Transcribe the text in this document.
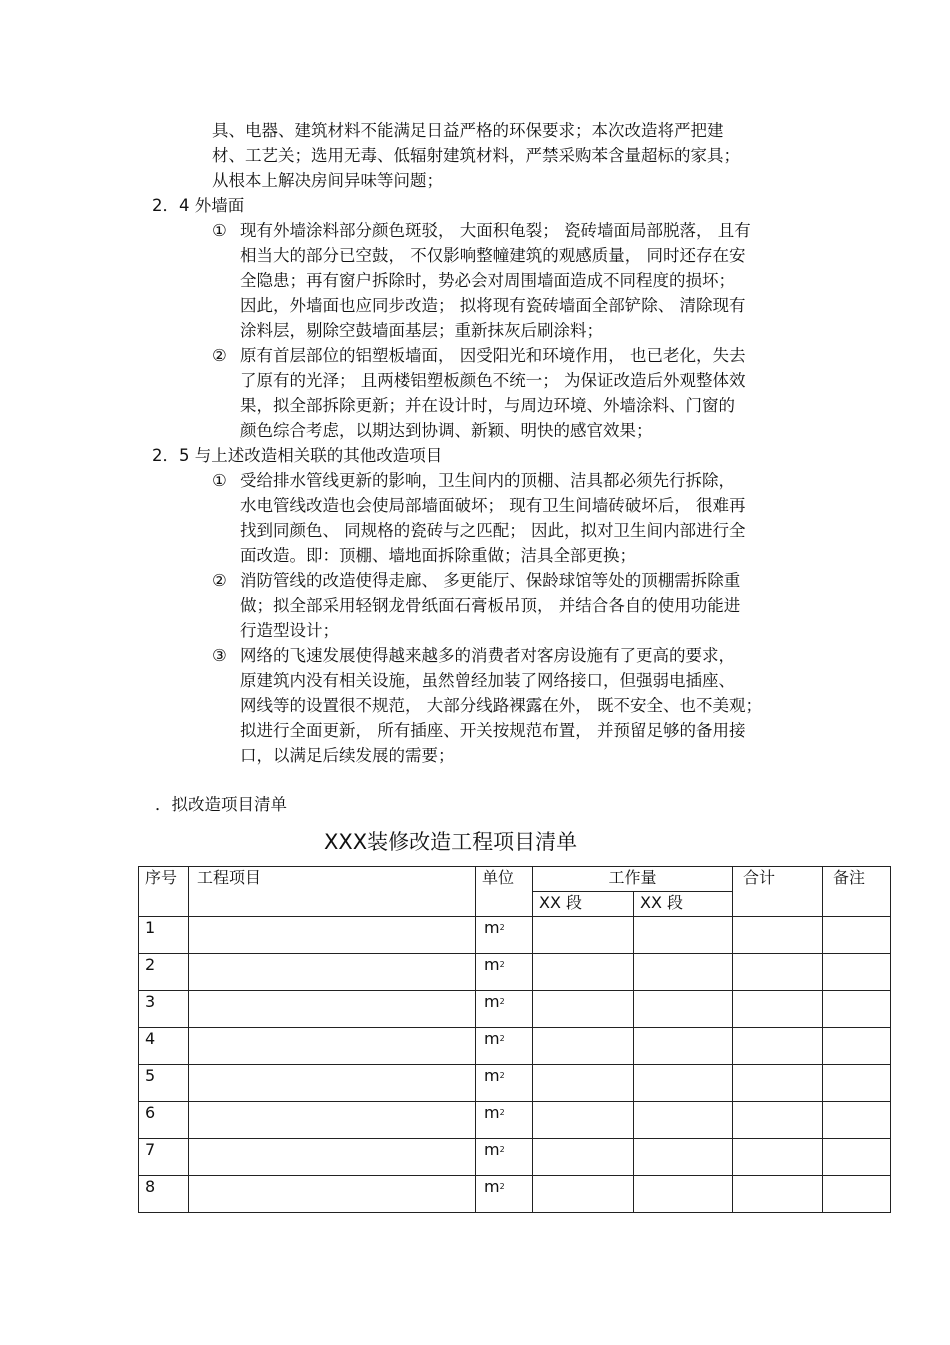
具、电器、建筑材料不能满足日益严格的环保要求；本次改造将严把建
材、工艺关；选用无毒、低辐射建筑材料，严禁采购苯含量超标的家具；
从根本上解决房间异味等问题；
2．4 外墙面
① 现有外墙涂料部分颜色斑驳， 大面积龟裂； 瓷砖墙面局部脱落， 且有
相当大的部分已空鼓， 不仅影响整幢建筑的观感质量， 同时还存在安
全隐患；再有窗户拆除时，势必会对周围墙面造成不同程度的损坏；
因此，外墙面也应同步改造； 拟将现有瓷砖墙面全部铲除、 清除现有
涂料层，剔除空鼓墙面基层；重新抹灰后刷涂料；
② 原有首层部位的铝塑板墙面， 因受阳光和环境作用， 也已老化，失去
了原有的光泽； 且两楼铝塑板颜色不统一； 为保证改造后外观整体效
果，拟全部拆除更新；并在设计时，与周边环境、外墙涂料、门窗的
颜色综合考虑，以期达到协调、新颖、明快的感官效果；
2．5 与上述改造相关联的其他改造项目
① 受给排水管线更新的影响，卫生间内的顶棚、洁具都必须先行拆除，
水电管线改造也会使局部墙面破坏； 现有卫生间墙砖破坏后， 很难再
找到同颜色、 同规格的瓷砖与之匹配； 因此，拟对卫生间内部进行全
面改造。即：顶棚、墙地面拆除重做；洁具全部更换；
② 消防管线的改造使得走廊、 多更能厅、保龄球馆等处的顶棚需拆除重
做；拟全部采用轻钢龙骨纸面石膏板吊顶， 并结合各自的使用功能进
行造型设计；
③ 网络的飞速发展使得越来越多的消费者对客房设施有了更高的要求，
原建筑内没有相关设施，虽然曾经加装了网络接口，但强弱电插座、
网线等的设置很不规范， 大部分线路裸露在外， 既不安全、也不美观；
拟进行全面更新， 所有插座、开关按规范布置， 并预留足够的备用接
口，以满足后续发展的需要；
．拟改造项目清单
XXX装修改造工程项目清单
序号	工程项目	单位	工作量		合计	备注
			XX 段	XX 段		
1		$m^2$				
2		$m^2$				
3		$m^2$				
4		$m^2$				
5		$m^2$				
6		$m^2$				
7		$m^2$				
8		$m^2$				
